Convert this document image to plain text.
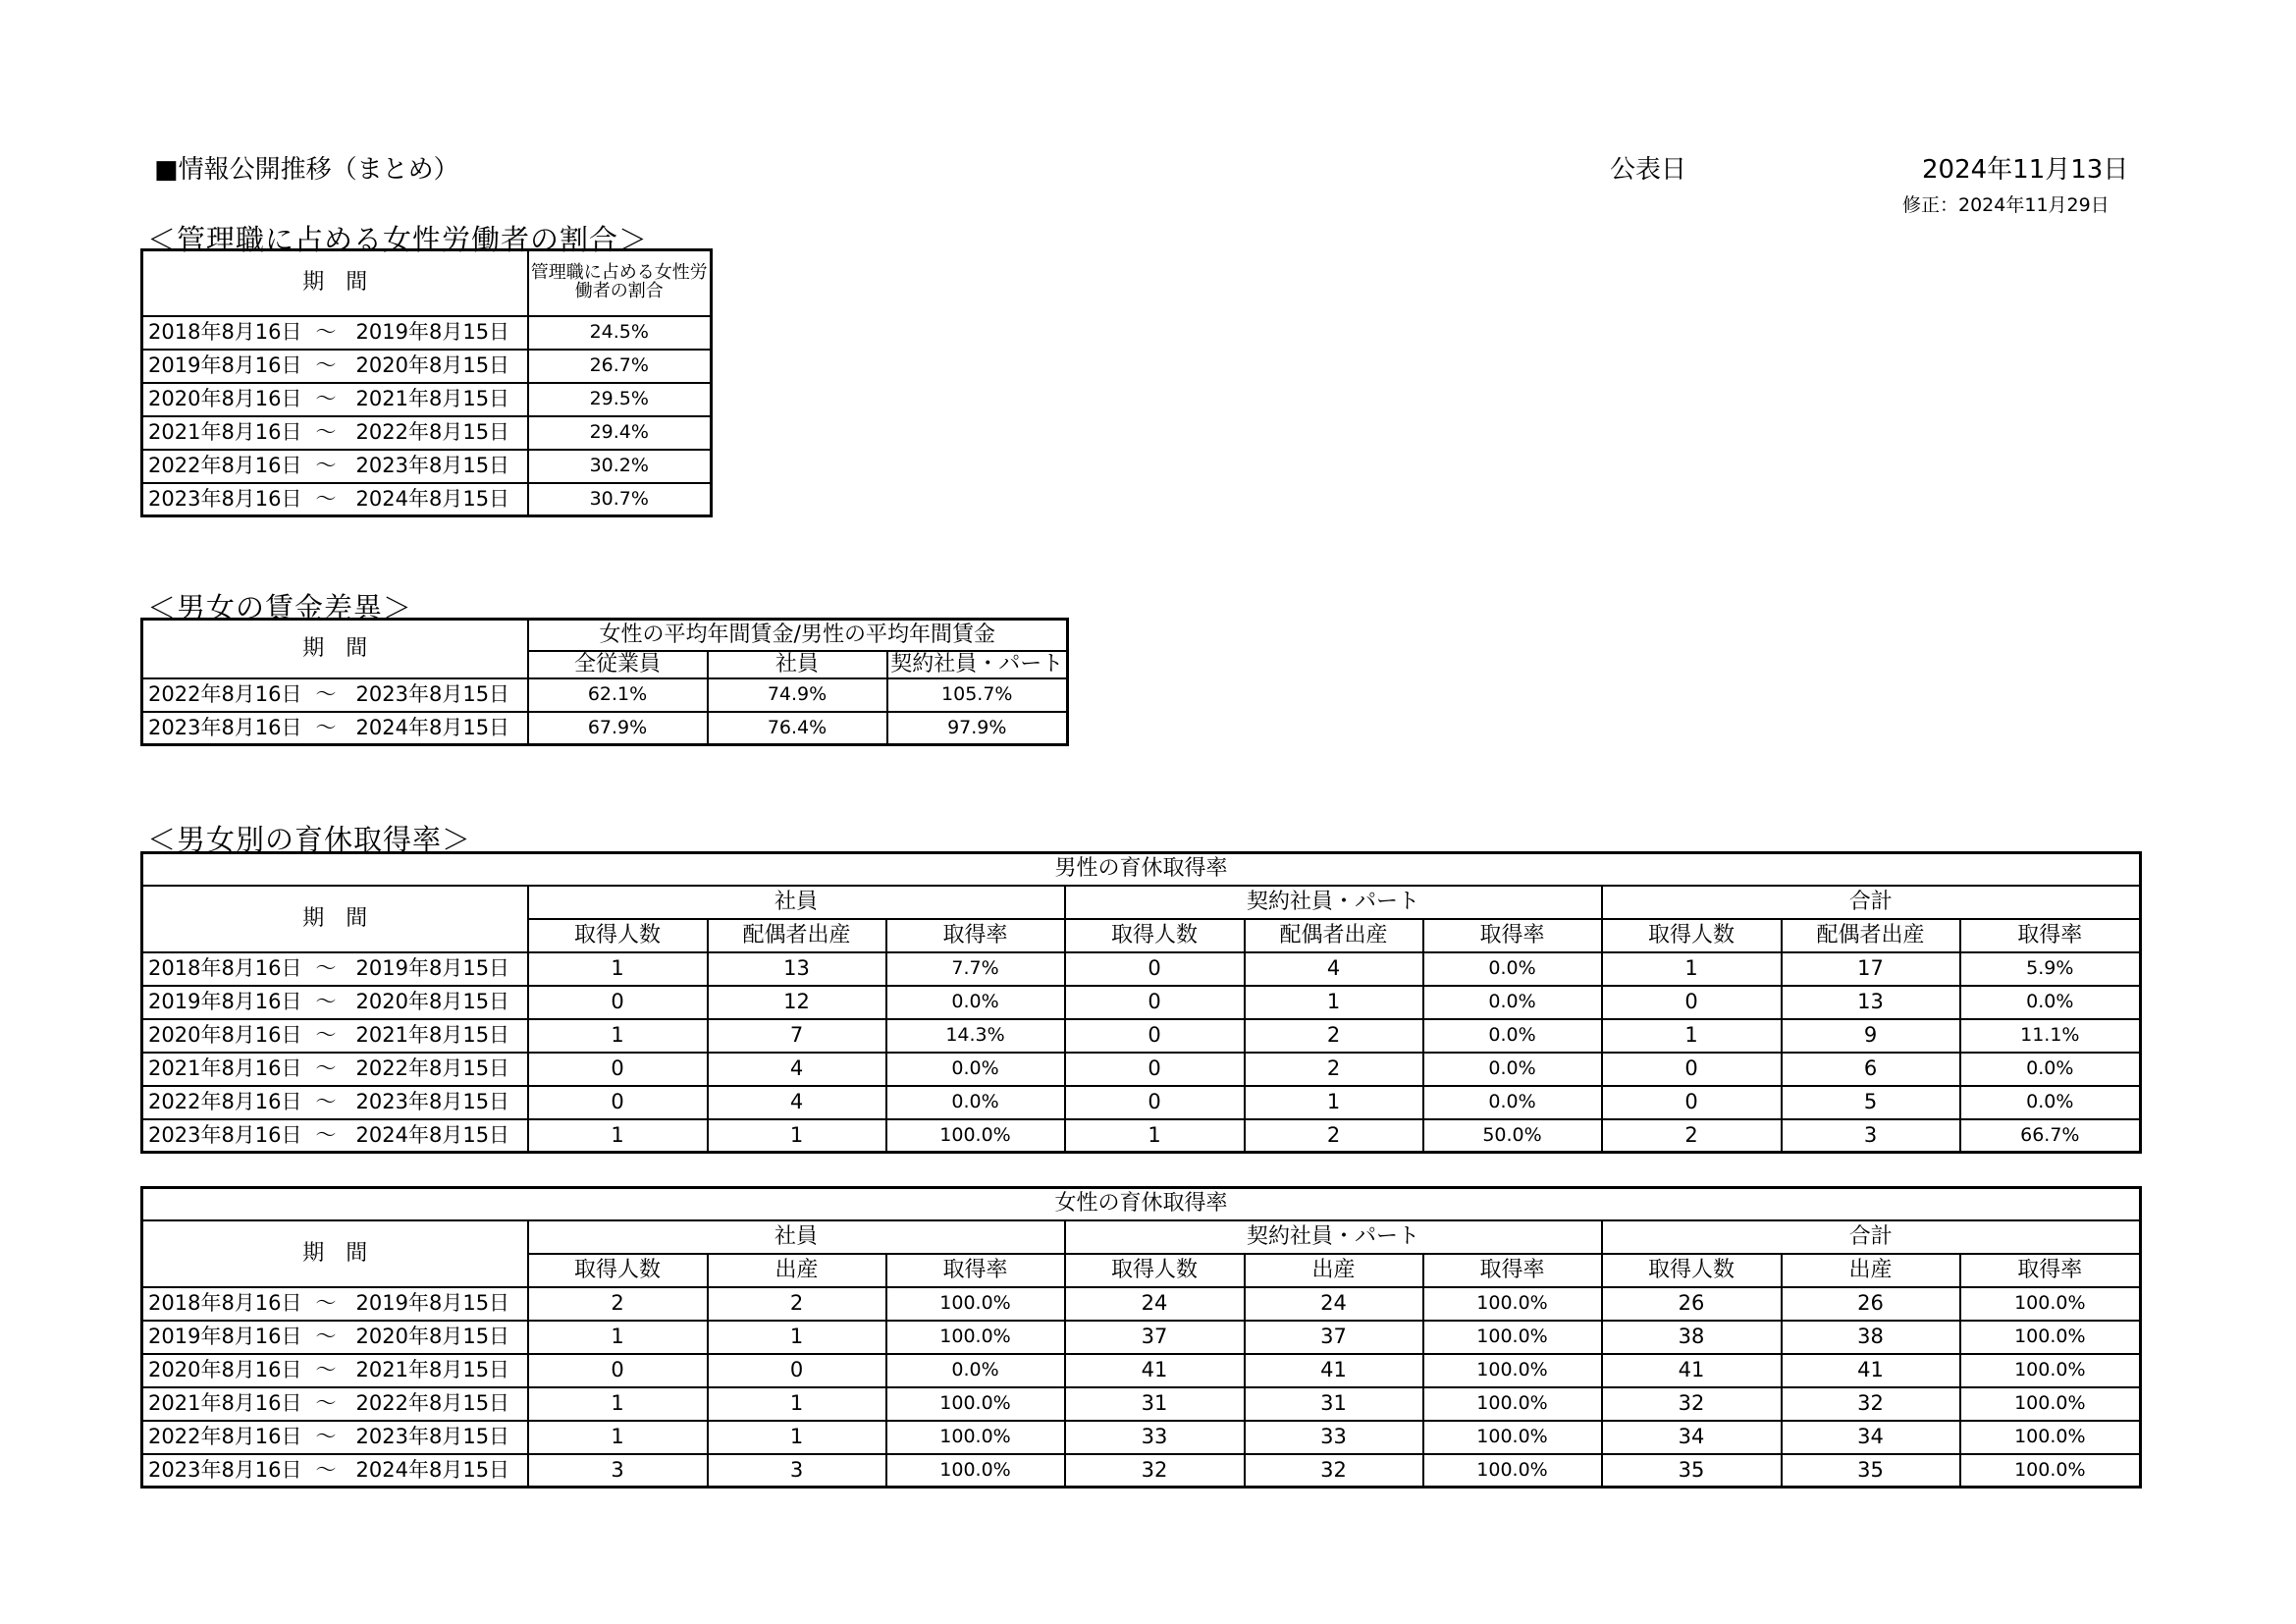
■情報公開推移（まとめ）	公表日	2024年11月13日
修正：2024年11月29日
＜管理職に占める女性労働者の割合＞
期　間	管理職に占める女性労働者の割合
2018年8月16日 〜 2019年8月15日	24.5%
2019年8月16日 〜 2020年8月15日	26.7%
2020年8月16日 〜 2021年8月15日	29.5%
2021年8月16日 〜 2022年8月15日	29.4%
2022年8月16日 〜 2023年8月15日	30.2%
2023年8月16日 〜 2024年8月15日	30.7%
＜男女の賃金差異＞
期　間	女性の平均年間賃金/男性の平均年間賃金		
	全従業員	社員	契約社員・パート
2022年8月16日 〜 2023年8月15日	62.1%	74.9%	105.7%
2023年8月16日 〜 2024年8月15日	67.9%	76.4%	97.9%
＜男女別の育休取得率＞
男性の育休取得率									
期　間	社員			契約社員・パート			合計		
	取得人数	配偶者出産	取得率	取得人数	配偶者出産	取得率	取得人数	配偶者出産	取得率
2018年8月16日 〜 2019年8月15日	1	13	7.7%	0	4	0.0%	1	17	5.9%
2019年8月16日 〜 2020年8月15日	0	12	0.0%	0	1	0.0%	0	13	0.0%
2020年8月16日 〜 2021年8月15日	1	7	14.3%	0	2	0.0%	1	9	11.1%
2021年8月16日 〜 2022年8月15日	0	4	0.0%	0	2	0.0%	0	6	0.0%
2022年8月16日 〜 2023年8月15日	0	4	0.0%	0	1	0.0%	0	5	0.0%
2023年8月16日 〜 2024年8月15日	1	1	100.0%	1	2	50.0%	2	3	66.7%
女性の育休取得率									
期　間	社員			契約社員・パート			合計		
	取得人数	出産	取得率	取得人数	出産	取得率	取得人数	出産	取得率
2018年8月16日 〜 2019年8月15日	2	2	100.0%	24	24	100.0%	26	26	100.0%
2019年8月16日 〜 2020年8月15日	1	1	100.0%	37	37	100.0%	38	38	100.0%
2020年8月16日 〜 2021年8月15日	0	0	0.0%	41	41	100.0%	41	41	100.0%
2021年8月16日 〜 2022年8月15日	1	1	100.0%	31	31	100.0%	32	32	100.0%
2022年8月16日 〜 2023年8月15日	1	1	100.0%	33	33	100.0%	34	34	100.0%
2023年8月16日 〜 2024年8月15日	3	3	100.0%	32	32	100.0%	35	35	100.0%
